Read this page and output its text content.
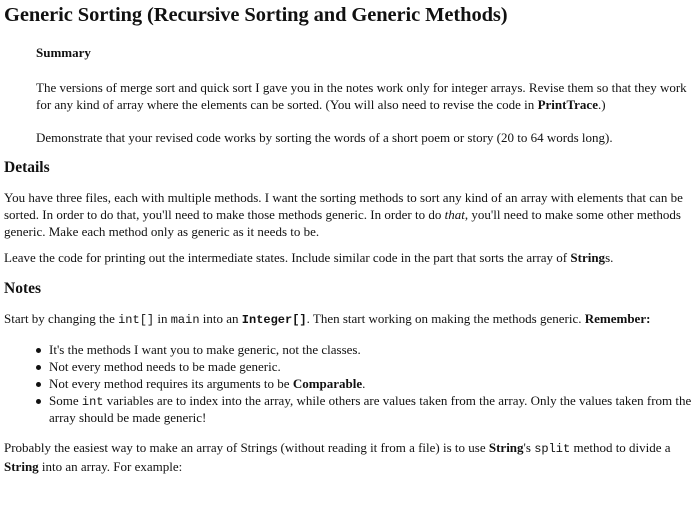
Generic Sorting (Recursive Sorting and Generic Methods)
Summary

The versions of merge sort and quick sort I gave you in the notes work only for integer arrays. Revise them so that they work for any kind of array where the elements can be sorted. (You will also need to revise the code in PrintTrace.)

Demonstrate that your revised code works by sorting the words of a short poem or story (20 to 64 words long).

Details

You have three files, each with multiple methods. I want the sorting methods to sort any kind of an array with elements that can be sorted. In order to do that, you'll need to make those methods generic. In order to do that, you'll need to make some other methods generic. Make each method only as generic as it needs to be.

Leave the code for printing out the intermediate states. Include similar code in the part that sorts the array of Strings.

Notes

Start by changing the int[] in main into an Integer[]. Then start working on making the methods generic. Remember:

It's the methods I want you to make generic, not the classes.
Not every method needs to be made generic.
Not every method requires its arguments to be Comparable.
Some int variables are to index into the array, while others are values taken from the array. Only the values taken from the array should be made generic!

Probably the easiest way to make an array of Strings (without reading it from a file) is to use String's split method to divide a String into an array. For example:
